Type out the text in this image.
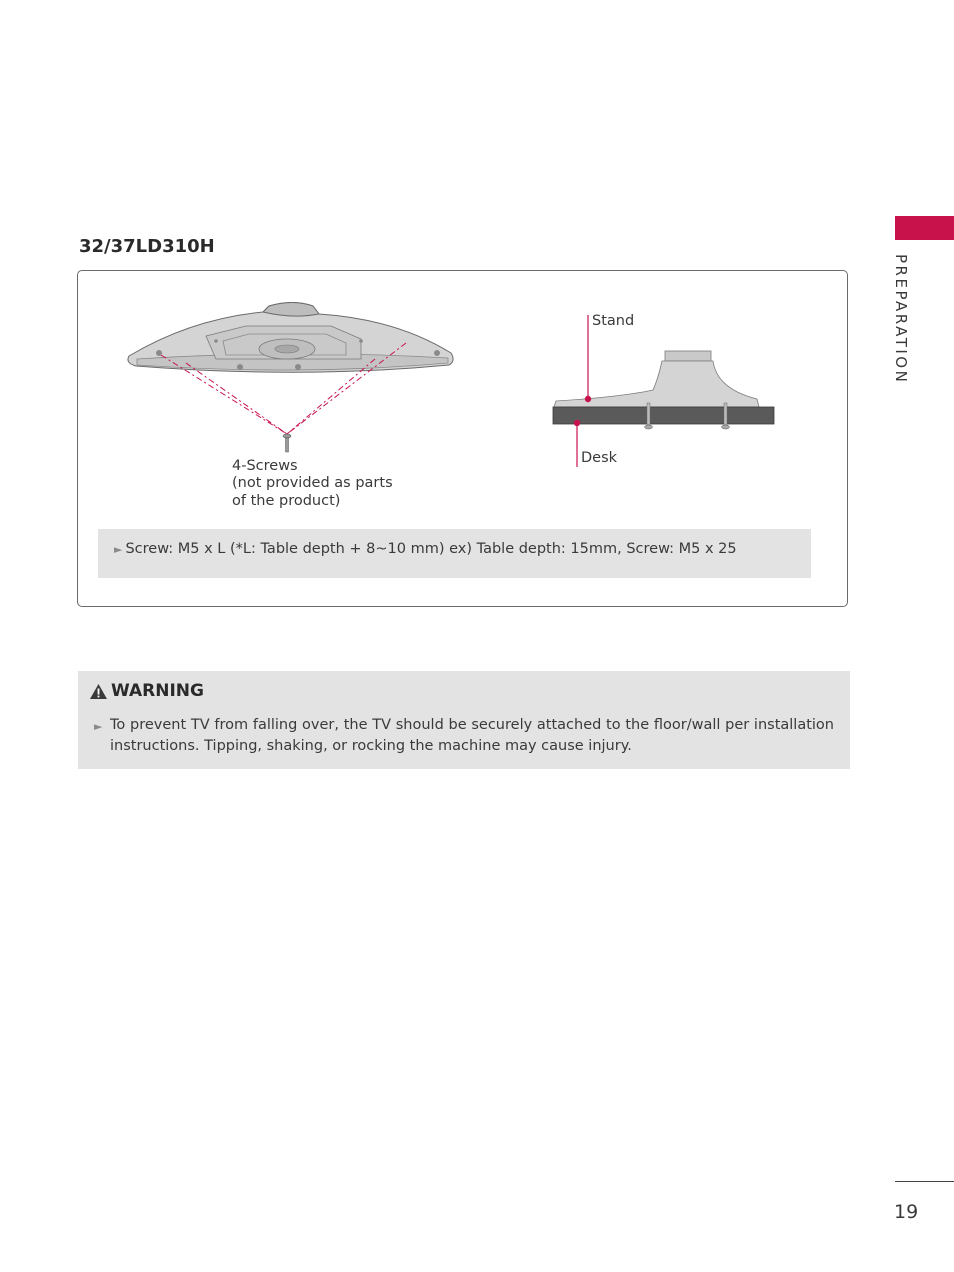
PREPARATION
32/37LD310H
Stand
Desk
4-Screws
(not provided as parts
of the product)
► Screw: M5 x L (*L: Table depth + 8~10 mm) ex) Table depth: 15mm, Screw: M5 x 25
WARNING
► To prevent TV from falling over, the TV should be securely attached to the floor/wall per installation instructions. Tipping, shaking, or rocking the machine may cause injury.
19
